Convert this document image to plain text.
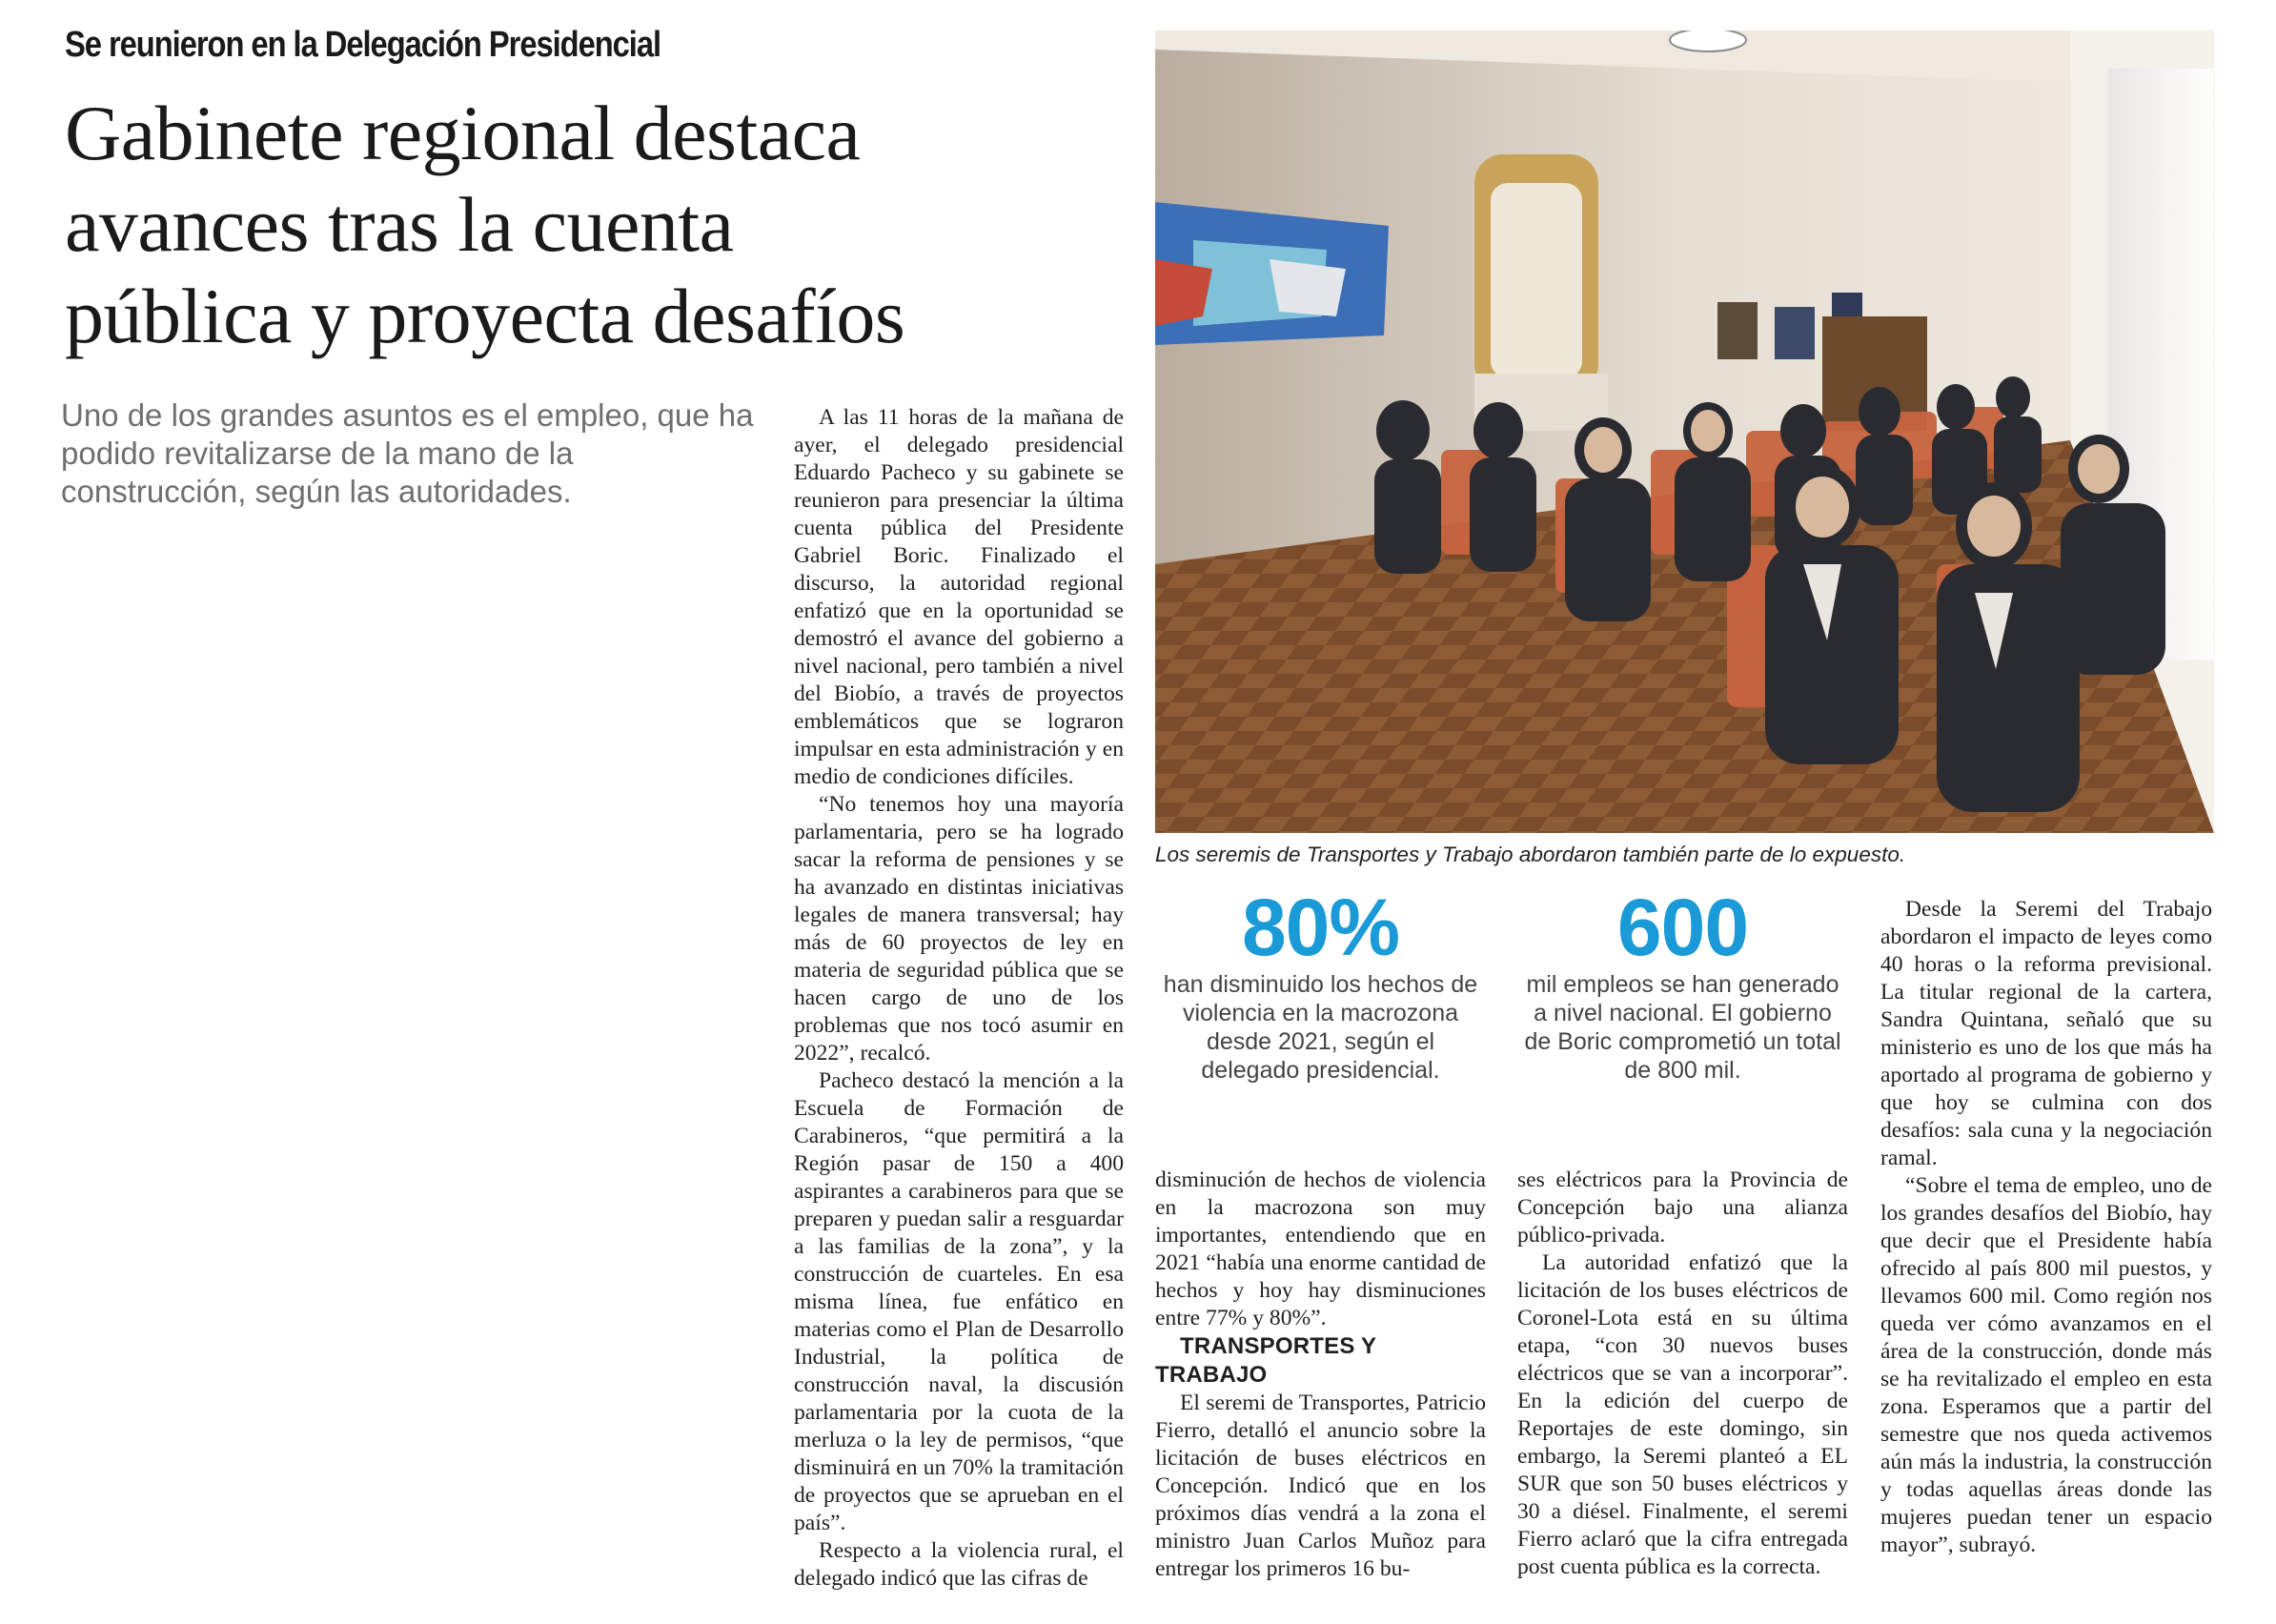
Se reunieron en la Delegación Presidencial
Gabinete regional destaca
avances tras la cuenta
pública y proyecta desafíos
Uno de los grandes asuntos es el empleo, que ha podido revitalizarse de la mano de la construcción, según las autoridades.

A las 11 horas de la mañana de ayer, el delegado presidencial Eduardo Pacheco y su gabinete se reunieron para presenciar la última cuenta pública del Presidente Gabriel Boric. Finalizado el discurso, la autoridad regional enfatizó que en la oportunidad se demostró el avance del gobierno a nivel nacional, pero también a nivel del Biobío, a través de proyectos emblemáticos que se lograron impulsar en esta administración y en medio de condiciones difíciles.

“No tenemos hoy una mayoría parlamentaria, pero se ha logrado sacar la reforma de pensiones y se ha avanzado en distintas iniciativas legales de manera transversal; hay más de 60 proyectos de ley en materia de seguridad pública que se hacen cargo de uno de los problemas que nos tocó asumir en 2022”, recalcó.

Pacheco destacó la mención a la Escuela de Formación de Carabineros, “que permitirá a la Región pasar de 150 a 400 aspirantes a carabineros para que se preparen y puedan salir a resguardar a las familias de la zona”, y la construcción de cuarteles. En esa misma línea, fue enfático en materias como el Plan de Desarrollo Industrial, la política de construcción naval, la discusión parlamentaria por la cuota de la merluza o la ley de permisos, “que disminuirá en un 70% la tramitación de proyectos que se aprueban en el país”.

Respecto a la violencia rural, el delegado indicó que las cifras de

Los seremis de Transportes y Trabajo abordaron también parte de lo expuesto.
80%
han disminuido los hechos de violencia en la macrozona desde 2021, según el delegado presidencial.
600
mil empleos se han generado a nivel nacional. El gobierno de Boric comprometió un total de 800 mil.

disminución de hechos de violencia en la macrozona son muy importantes, entendiendo que en 2021 “había una enorme cantidad de hechos y hoy hay disminuciones entre 77% y 80%”.

TRANSPORTES Y TRABAJO

El seremi de Transportes, Patricio Fierro, detalló el anuncio sobre la licitación de buses eléctricos en Concepción. Indicó que en los próximos días vendrá a la zona el ministro Juan Carlos Muñoz para entregar los primeros 16 bu-

ses eléctricos para la Provincia de Concepción bajo una alianza público-privada.

La autoridad enfatizó que la licitación de los buses eléctricos de Coronel-Lota está en su última etapa, “con 30 nuevos buses eléctricos que se van a incorporar”. En la edición del cuerpo de Reportajes de este domingo, sin embargo, la Seremi planteó a EL SUR que son 50 buses eléctricos y 30 a diésel. Finalmente, el seremi Fierro aclaró que la cifra entregada post cuenta pública es la correcta.

Desde la Seremi del Trabajo abordaron el impacto de leyes como 40 horas o la reforma previsional. La titular regional de la cartera, Sandra Quintana, señaló que su ministerio es uno de los que más ha aportado al programa de gobierno y que hoy se culmina con dos desafíos: sala cuna y la negociación ramal.

“Sobre el tema de empleo, uno de los grandes desafíos del Biobío, hay que decir que el Presidente había ofrecido al país 800 mil puestos, y llevamos 600 mil. Como región nos queda ver cómo avanzamos en el área de la construcción, donde más se ha revitalizado el empleo en esta zona. Esperamos que a partir del semestre que nos queda activemos aún más la industria, la construcción y todas aquellas áreas donde las mujeres puedan tener un espacio mayor”, subrayó.
